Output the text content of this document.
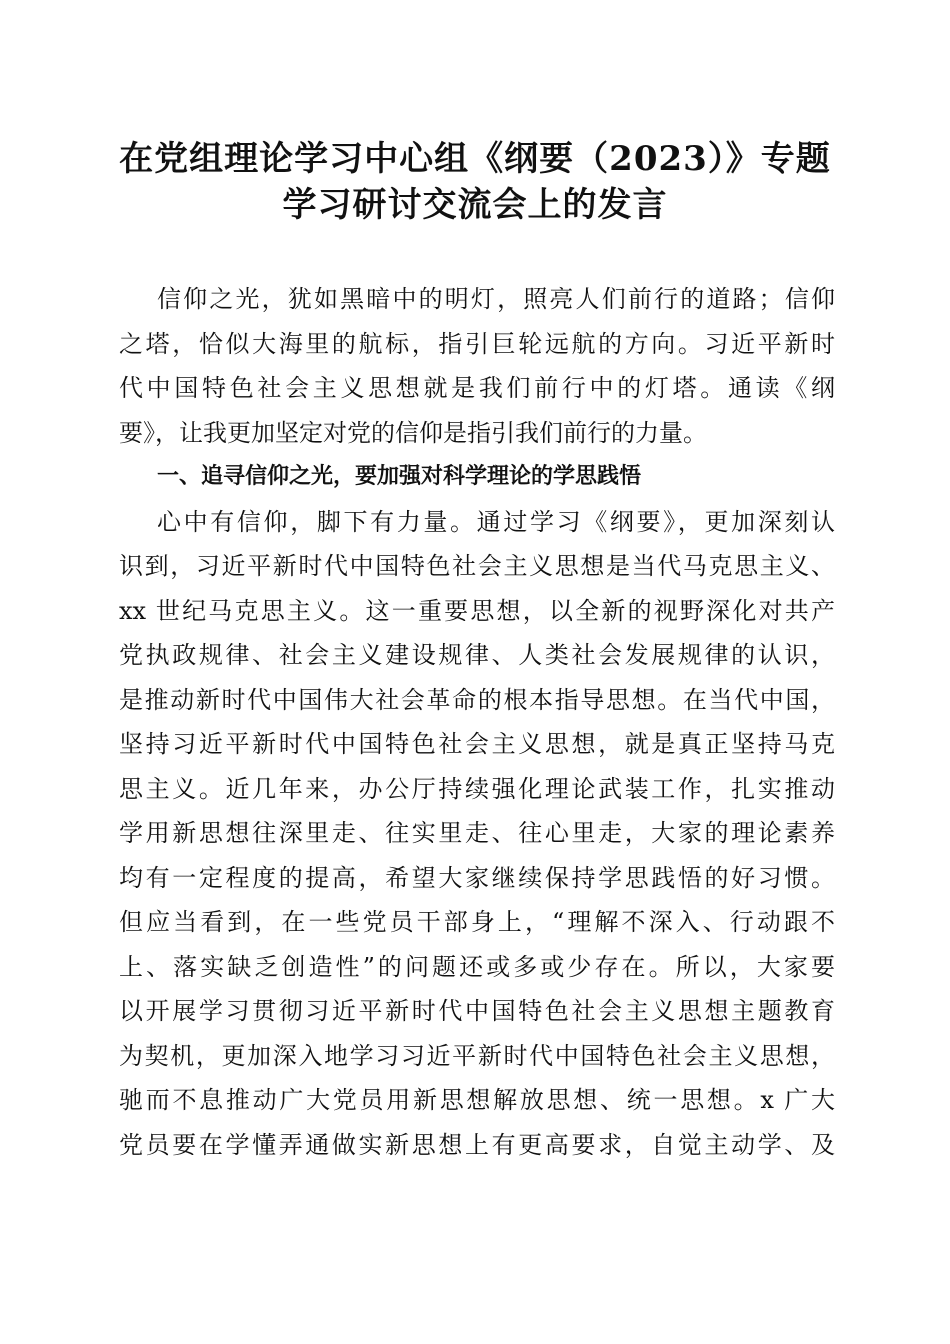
在党组理论学习中心组《纲要（2023）》专题
学习研讨交流会上的发言
信仰之光，犹如黑暗中的明灯，照亮人们前行的道路；信仰
之塔，恰似大海里的航标，指引巨轮远航的方向。习近平新时
代中国特色社会主义思想就是我们前行中的灯塔。通读《纲
要》，让我更加坚定对党的信仰是指引我们前行的力量。
一、追寻信仰之光，要加强对科学理论的学思践悟
心中有信仰，脚下有力量。通过学习《纲要》，更加深刻认
识到，习近平新时代中国特色社会主义思想是当代马克思主义、
xx 世纪马克思主义。这一重要思想，以全新的视野深化对共产
党执政规律、社会主义建设规律、人类社会发展规律的认识，
是推动新时代中国伟大社会革命的根本指导思想。在当代中国，
坚持习近平新时代中国特色社会主义思想，就是真正坚持马克
思主义。近几年来，办公厅持续强化理论武装工作，扎实推动
学用新思想往深里走、往实里走、往心里走，大家的理论素养
均有一定程度的提高，希望大家继续保持学思践悟的好习惯。
但应当看到，在一些党员干部身上，“理解不深入、行动跟不
上、落实缺乏创造性”的问题还或多或少存在。所以，大家要
以开展学习贯彻习近平新时代中国特色社会主义思想主题教育
为契机，更加深入地学习习近平新时代中国特色社会主义思想，
驰而不息推动广大党员用新思想解放思想、统一思想。x 广大
党员要在学懂弄通做实新思想上有更高要求，自觉主动学、及
